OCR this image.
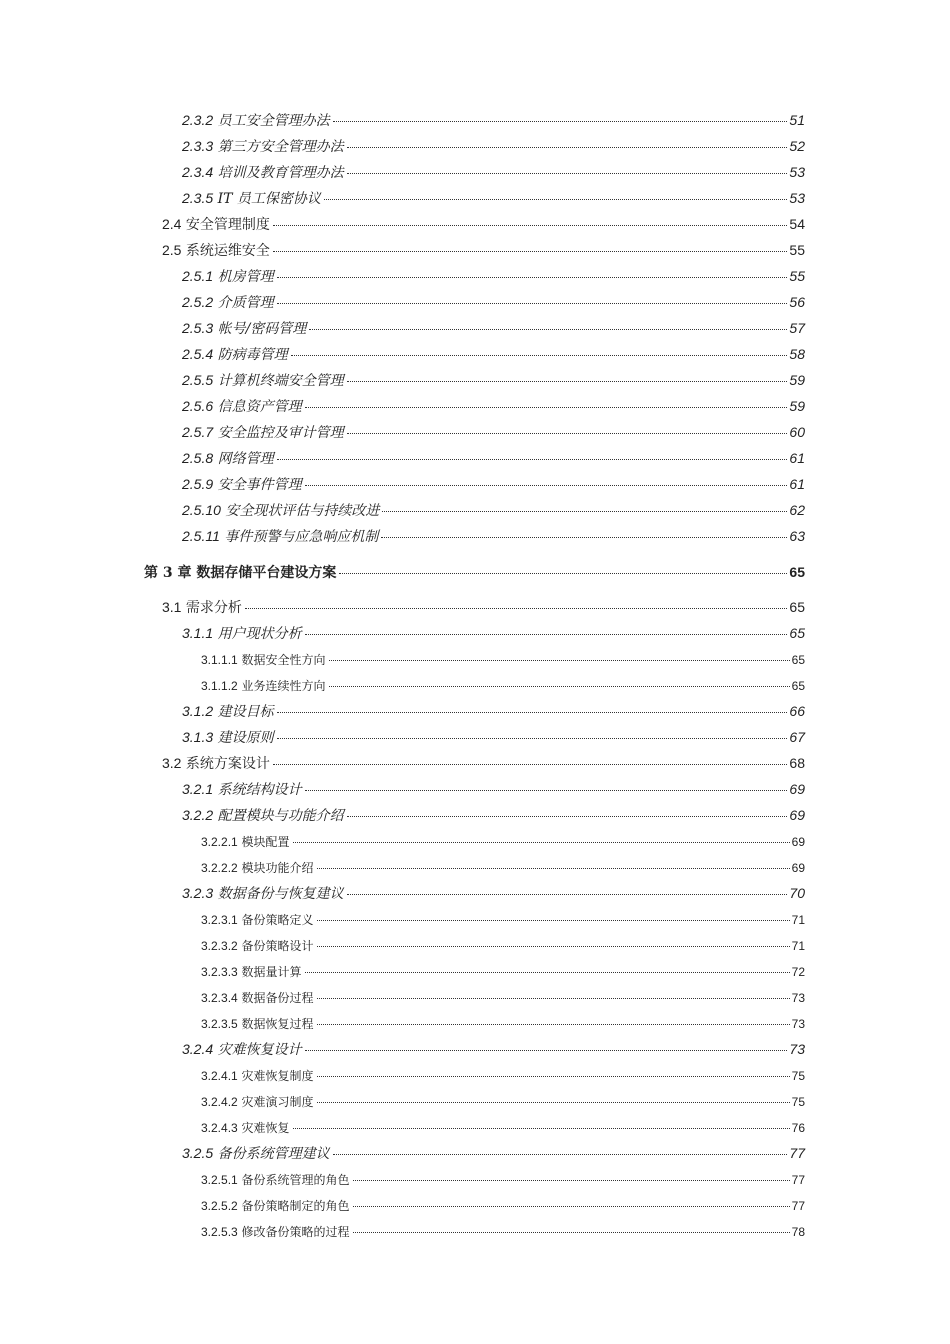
2.3.2 员工安全管理办法	51
2.3.3 第三方安全管理办法	52
2.3.4 培训及教育管理办法	53
2.3.5 IT 员工保密协议	53
2.4 安全管理制度	54
2.5 系统运维安全	55
2.5.1 机房管理	55
2.5.2 介质管理	56
2.5.3 帐号/密码管理	57
2.5.4 防病毒管理	58
2.5.5 计算机终端安全管理	59
2.5.6 信息资产管理	59
2.5.7 安全监控及审计管理	60
2.5.8 网络管理	61
2.5.9 安全事件管理	61
2.5.10 安全现状评估与持续改进	62
2.5.11 事件预警与应急响应机制	63
第 3 章 数据存储平台建设方案	65
3.1 需求分析	65
3.1.1 用户现状分析	65
3.1.1.1 数据安全性方向	65
3.1.1.2 业务连续性方向	65
3.1.2 建设目标	66
3.1.3 建设原则	67
3.2 系统方案设计	68
3.2.1 系统结构设计	69
3.2.2 配置模块与功能介绍	69
3.2.2.1 模块配置	69
3.2.2.2 模块功能介绍	69
3.2.3 数据备份与恢复建议	70
3.2.3.1 备份策略定义	71
3.2.3.2 备份策略设计	71
3.2.3.3 数据量计算	72
3.2.3.4 数据备份过程	73
3.2.3.5 数据恢复过程	73
3.2.4 灾难恢复设计	73
3.2.4.1 灾难恢复制度	75
3.2.4.2 灾难演习制度	75
3.2.4.3 灾难恢复	76
3.2.5 备份系统管理建议	77
3.2.5.1 备份系统管理的角色	77
3.2.5.2 备份策略制定的角色	77
3.2.5.3 修改备份策略的过程	78
